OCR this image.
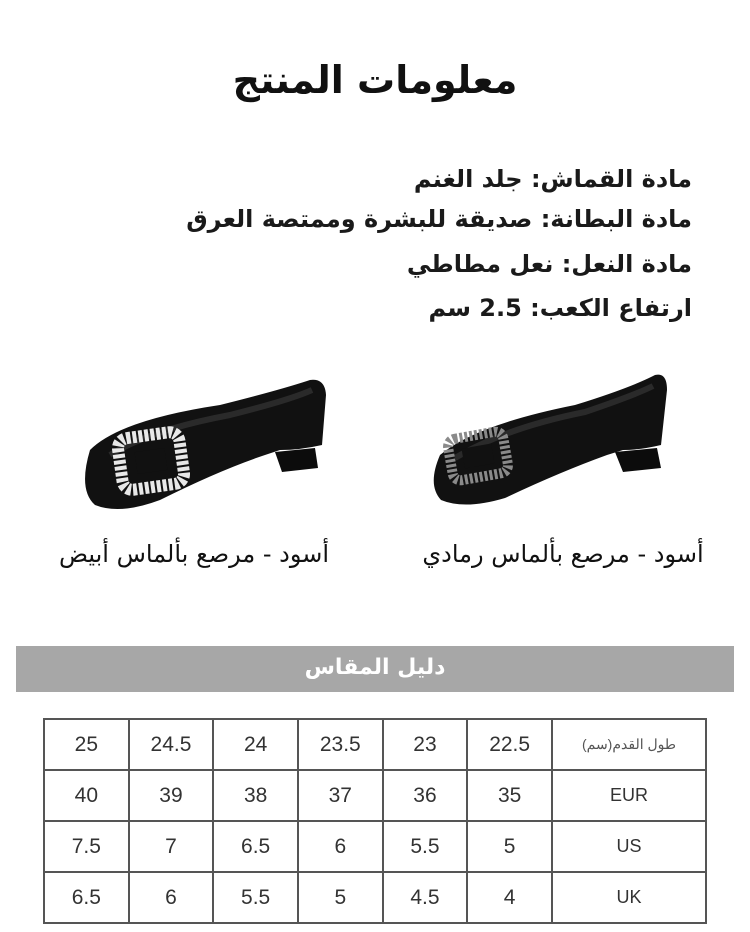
معلومات المنتج
مادة القماش: جلد الغنم
مادة البطانة: صديقة للبشرة وممتصة العرق
مادة النعل: نعل مطاطي
ارتفاع الكعب: 2.5 سم
أسود - مرصع بألماس أبيض	أسود - مرصع بألماس رمادي
دليل المقاس
25	24.5	24	23.5	23	22.5	طول القدم(سم)
40	39	38	37	36	35	EUR
7.5	7	6.5	6	5.5	5	US
6.5	6	5.5	5	4.5	4	UK
